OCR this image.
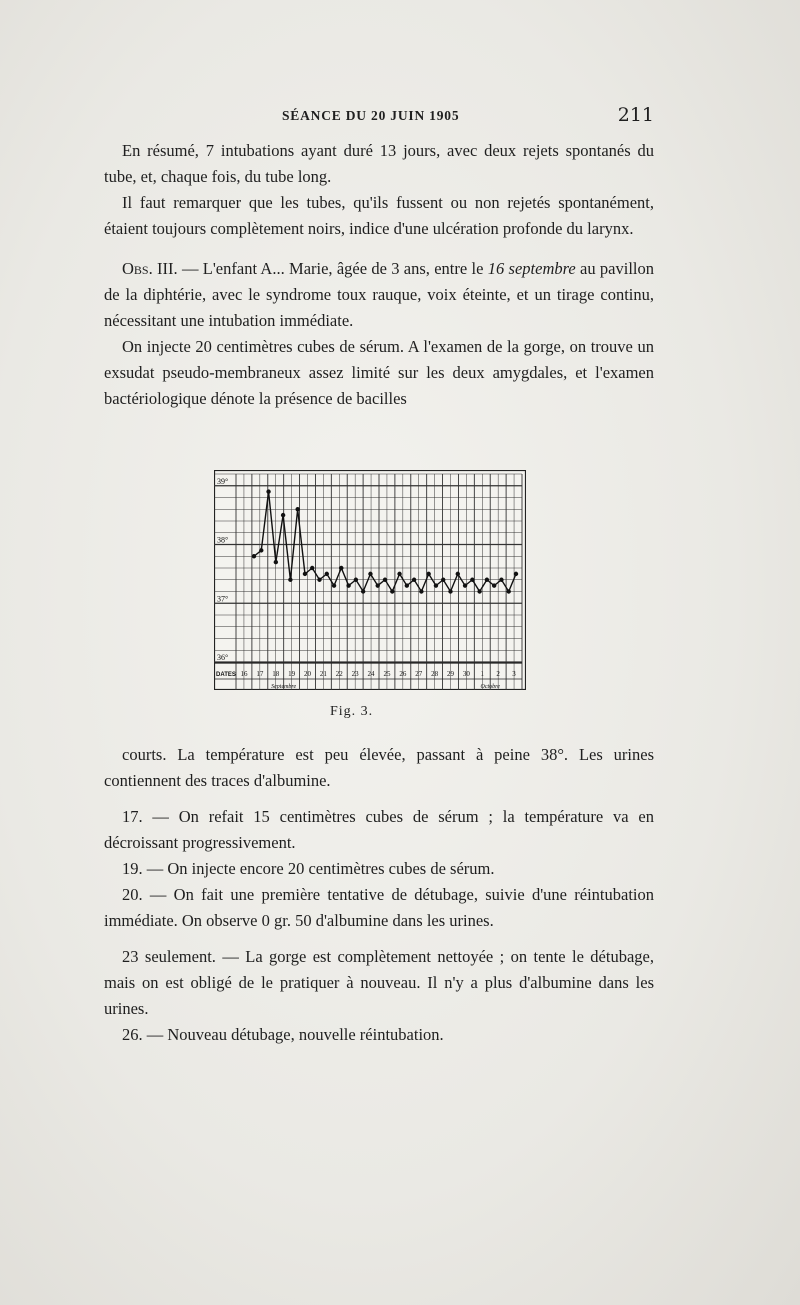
SÉANCE DU 20 JUIN 1905	211

En résumé, 7 intubations ayant duré 13 jours, avec deux rejets spontanés du tube, et, chaque fois, du tube long.

Il faut remarquer que les tubes, qu'ils fussent ou non rejetés spontanément, étaient toujours complètement noirs, indice d'une ulcération profonde du larynx.

Obs. III. — L'enfant A... Marie, âgée de 3 ans, entre le 16 septembre au pavillon de la diphtérie, avec le syndrome toux rauque, voix éteinte, et un tirage continu, nécessitant une intubation immédiate.

On injecte 20 centimètres cubes de sérum. A l'examen de la gorge, on trouve un exsudat pseudo-membraneux assez limité sur les deux amygdales, et l'examen bactériologique dénote la présence de bacilles

39°
38°
37°
36°
DATES 16 17 18 19 20 21 22 23 24 25 26 27 28 29 30 1 2 3
Septembre	Octobre
Fig. 3.

courts. La température est peu élevée, passant à peine 38°. Les urines contiennent des traces d'albumine.

17. — On refait 15 centimètres cubes de sérum ; la température va en décroissant progressivement.

19. — On injecte encore 20 centimètres cubes de sérum.

20. — On fait une première tentative de détubage, suivie d'une réintubation immédiate. On observe 0 gr. 50 d'albumine dans les urines.

23 seulement. — La gorge est complètement nettoyée ; on tente le détubage, mais on est obligé de le pratiquer à nouveau. Il n'y a plus d'albumine dans les urines.

26. — Nouveau détubage, nouvelle réintubation.
